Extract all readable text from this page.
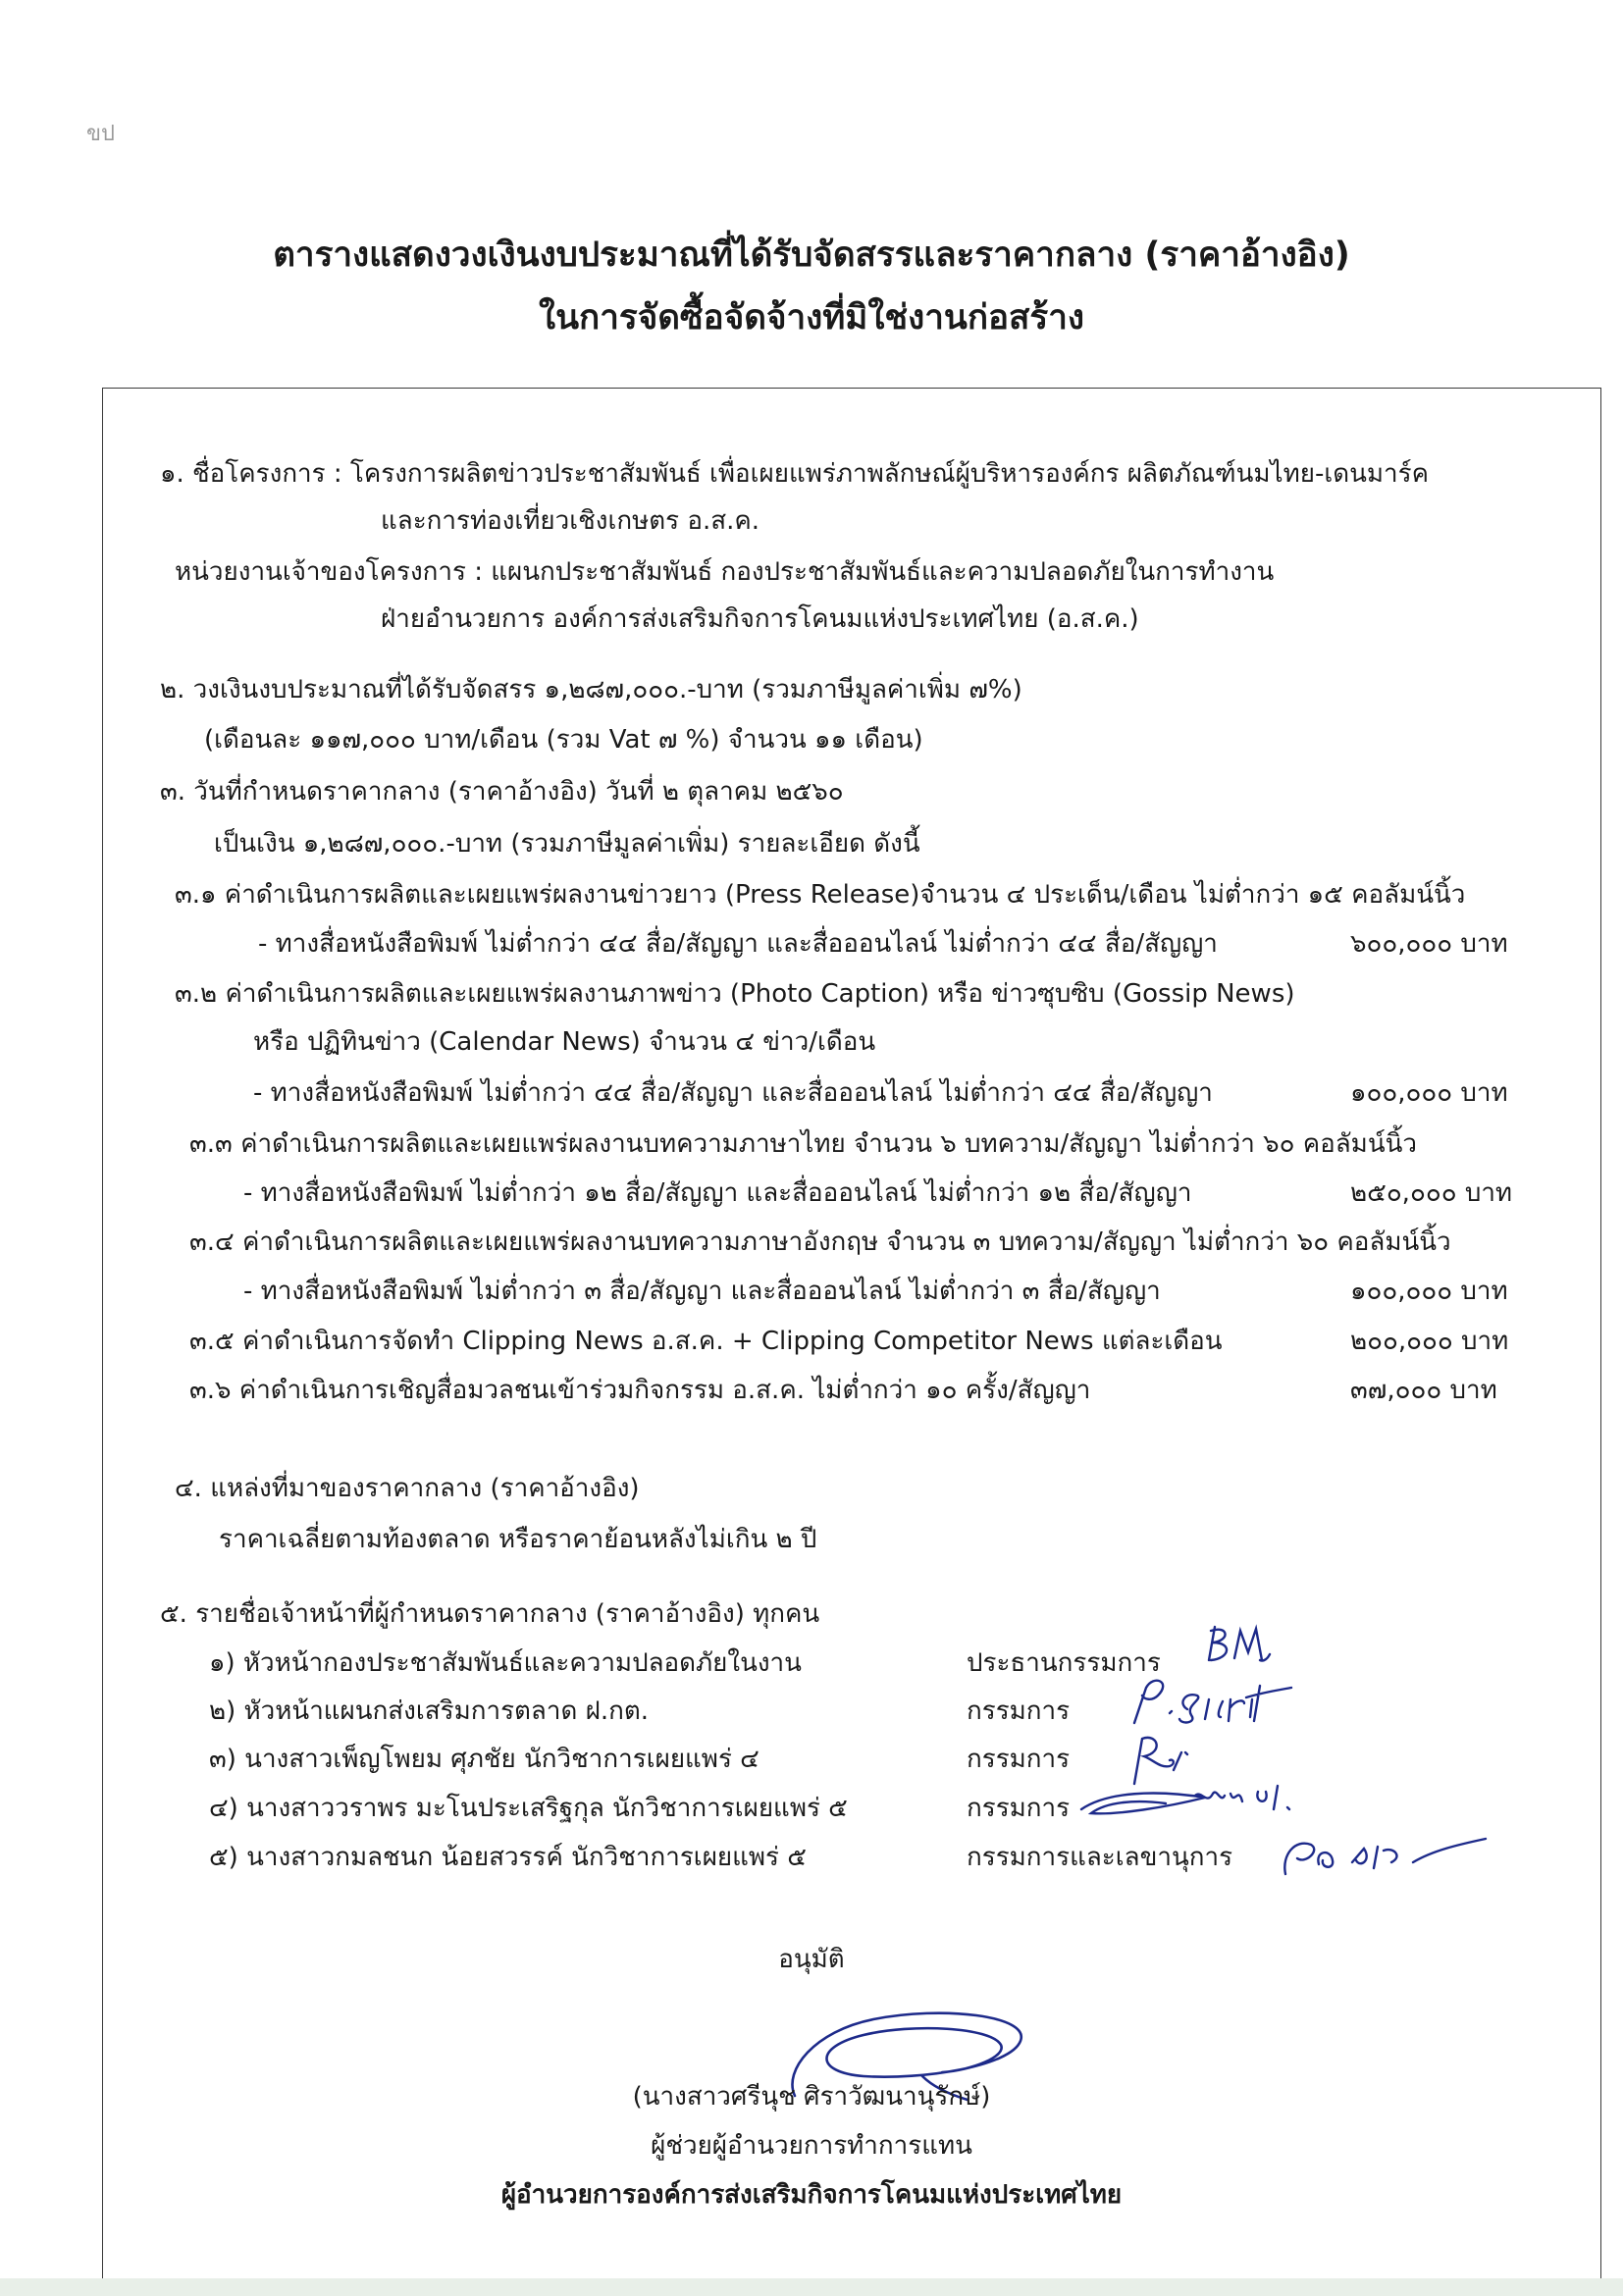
ขป
ตารางแสดงวงเงินงบประมาณที่ได้รับจัดสรรและราคากลาง (ราคาอ้างอิง)
ในการจัดซื้อจัดจ้างที่มิใช่งานก่อสร้าง
๑. ชื่อโครงการ : โครงการผลิตข่าวประชาสัมพันธ์ เพื่อเผยแพร่ภาพลักษณ์ผู้บริหารองค์กร ผลิตภัณฑ์นมไทย-เดนมาร์ค
และการท่องเที่ยวเชิงเกษตร อ.ส.ค.
หน่วยงานเจ้าของโครงการ : แผนกประชาสัมพันธ์ กองประชาสัมพันธ์และความปลอดภัยในการทำงาน
ฝ่ายอำนวยการ องค์การส่งเสริมกิจการโคนมแห่งประเทศไทย (อ.ส.ค.)
๒. วงเงินงบประมาณที่ได้รับจัดสรร ๑,๒๘๗,๐๐๐.-บาท (รวมภาษีมูลค่าเพิ่ม ๗%)
(เดือนละ ๑๑๗,๐๐๐ บาท/เดือน (รวม Vat ๗ %) จำนวน ๑๑ เดือน)
๓. วันที่กำหนดราคากลาง (ราคาอ้างอิง) วันที่ ๒ ตุลาคม ๒๕๖๐
เป็นเงิน ๑,๒๘๗,๐๐๐.-บาท (รวมภาษีมูลค่าเพิ่ม) รายละเอียด ดังนี้
๓.๑ ค่าดำเนินการผลิตและเผยแพร่ผลงานข่าวยาว (Press Release)จำนวน ๔ ประเด็น/เดือน ไม่ต่ำกว่า ๑๕ คอลัมน์นิ้ว
- ทางสื่อหนังสือพิมพ์ ไม่ต่ำกว่า ๔๔ สื่อ/สัญญา และสื่อออนไลน์ ไม่ต่ำกว่า ๔๔ สื่อ/สัญญา	๖๐๐,๐๐๐ บาท
๓.๒ ค่าดำเนินการผลิตและเผยแพร่ผลงานภาพข่าว (Photo Caption) หรือ ข่าวซุบซิบ (Gossip News)
หรือ ปฏิทินข่าว (Calendar News) จำนวน ๔ ข่าว/เดือน
- ทางสื่อหนังสือพิมพ์ ไม่ต่ำกว่า ๔๔ สื่อ/สัญญา และสื่อออนไลน์ ไม่ต่ำกว่า ๔๔ สื่อ/สัญญา	๑๐๐,๐๐๐ บาท
๓.๓ ค่าดำเนินการผลิตและเผยแพร่ผลงานบทความภาษาไทย จำนวน ๖ บทความ/สัญญา ไม่ต่ำกว่า ๖๐ คอลัมน์นิ้ว
- ทางสื่อหนังสือพิมพ์ ไม่ต่ำกว่า ๑๒ สื่อ/สัญญา และสื่อออนไลน์ ไม่ต่ำกว่า ๑๒ สื่อ/สัญญา	๒๕๐,๐๐๐ บาท
๓.๔ ค่าดำเนินการผลิตและเผยแพร่ผลงานบทความภาษาอังกฤษ จำนวน ๓ บทความ/สัญญา ไม่ต่ำกว่า ๖๐ คอลัมน์นิ้ว
- ทางสื่อหนังสือพิมพ์ ไม่ต่ำกว่า ๓ สื่อ/สัญญา และสื่อออนไลน์ ไม่ต่ำกว่า ๓ สื่อ/สัญญา	๑๐๐,๐๐๐ บาท
๓.๕ ค่าดำเนินการจัดทำ Clipping News อ.ส.ค. + Clipping Competitor News แต่ละเดือน	๒๐๐,๐๐๐ บาท
๓.๖ ค่าดำเนินการเชิญสื่อมวลชนเข้าร่วมกิจกรรม อ.ส.ค. ไม่ต่ำกว่า ๑๐ ครั้ง/สัญญา	๓๗,๐๐๐ บาท
๔. แหล่งที่มาของราคากลาง (ราคาอ้างอิง)
ราคาเฉลี่ยตามท้องตลาด หรือราคาย้อนหลังไม่เกิน ๒ ปี
๕. รายชื่อเจ้าหน้าที่ผู้กำหนดราคากลาง (ราคาอ้างอิง) ทุกคน
๑) หัวหน้ากองประชาสัมพันธ์และความปลอดภัยในงาน	ประธานกรรมการ
๒) หัวหน้าแผนกส่งเสริมการตลาด ฝ.กต.	กรรมการ
๓) นางสาวเพ็ญโพยม ศุภชัย นักวิชาการเผยแพร่ ๔	กรรมการ
๔) นางสาววราพร มะโนประเสริฐกุล นักวิชาการเผยแพร่ ๕	กรรมการ
๕) นางสาวกมลชนก น้อยสวรรค์ นักวิชาการเผยแพร่ ๕	กรรมการและเลขานุการ
อนุมัติ
(นางสาวศรีนุช ศิราวัฒนานุรักษ์)
ผู้ช่วยผู้อำนวยการทำการแทน
ผู้อำนวยการองค์การส่งเสริมกิจการโคนมแห่งประเทศไทย
